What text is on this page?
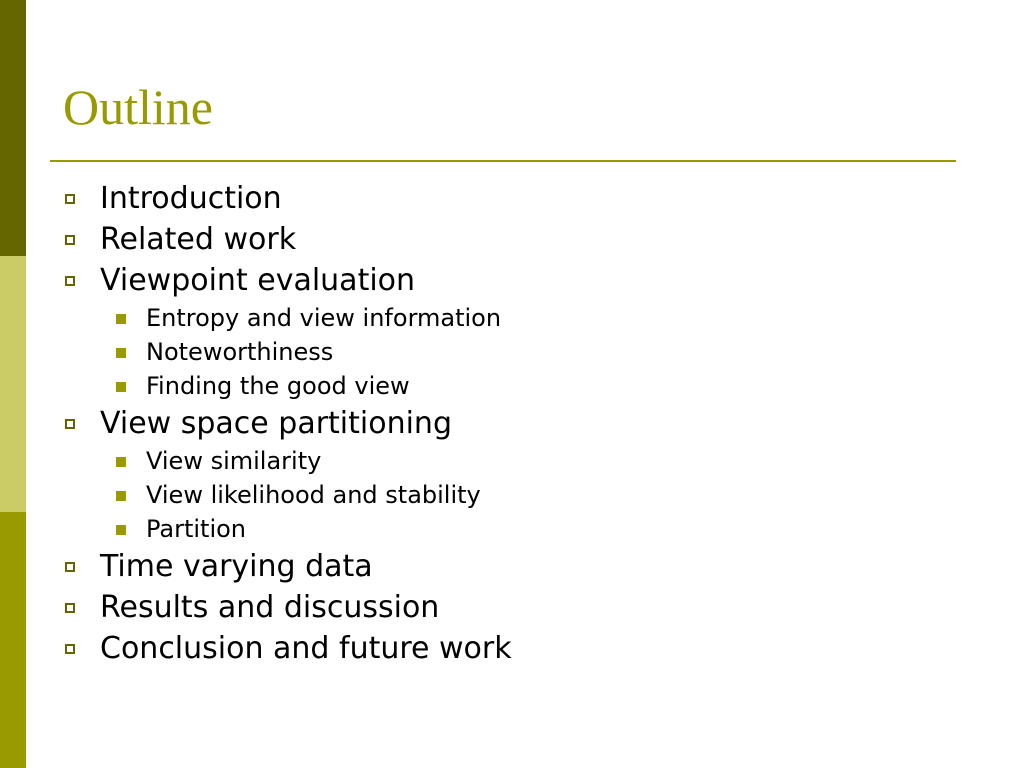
Outline
Introduction
Related work
Viewpoint evaluation
Entropy and view information
Noteworthiness
Finding the good view
View space partitioning
View similarity
View likelihood and stability
Partition
Time varying data
Results and discussion
Conclusion and future work
